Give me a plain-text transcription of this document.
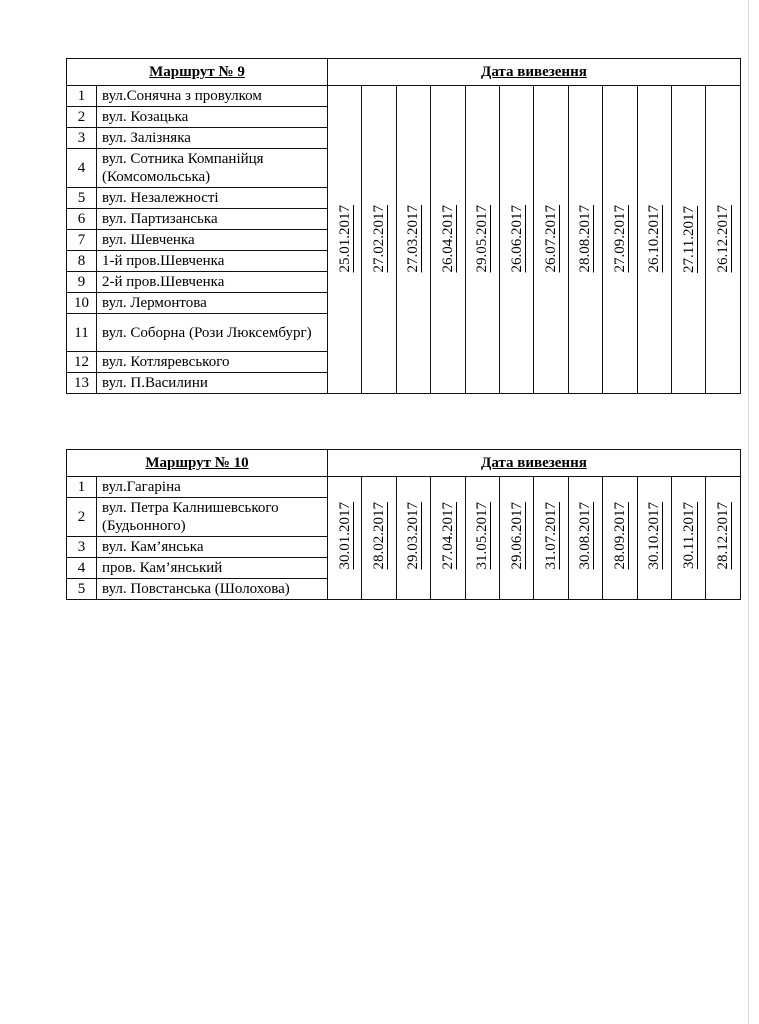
Маршрут № 9		Дата вивезення											
1	вул.Сонячна з провулком	25.01.2017	27.02.2017	27.03.2017	26.04.2017	29.05.2017	26.06.2017	26.07.2017	28.08.2017	27.09.2017	26.10.2017	27.11.2017	26.12.2017
2	вул. Козацька												
3	вул. Залізняка												
4	вул. Сотника Компанійця (Комсомольська)												
5	вул. Незалежності												
6	вул. Партизанська												
7	вул. Шевченка												
8	1-й пров.Шевченка												
9	2-й пров.Шевченка												
10	вул. Лермонтова												
11	вул. Соборна (Рози Люксембург)												
12	вул. Котляревського												
13	вул. П.Василини												
Маршрут № 10		Дата вивезення											
1	вул.Гагаріна	30.01.2017	28.02.2017	29.03.2017	27.04.2017	31.05.2017	29.06.2017	31.07.2017	30.08.2017	28.09.2017	30.10.2017	30.11.2017	28.12.2017
2	вул. Петра Калнишевського (Будьонного)												
3	вул. Кам’янська												
4	пров. Кам’янський												
5	вул. Повстанська (Шолохова)												
